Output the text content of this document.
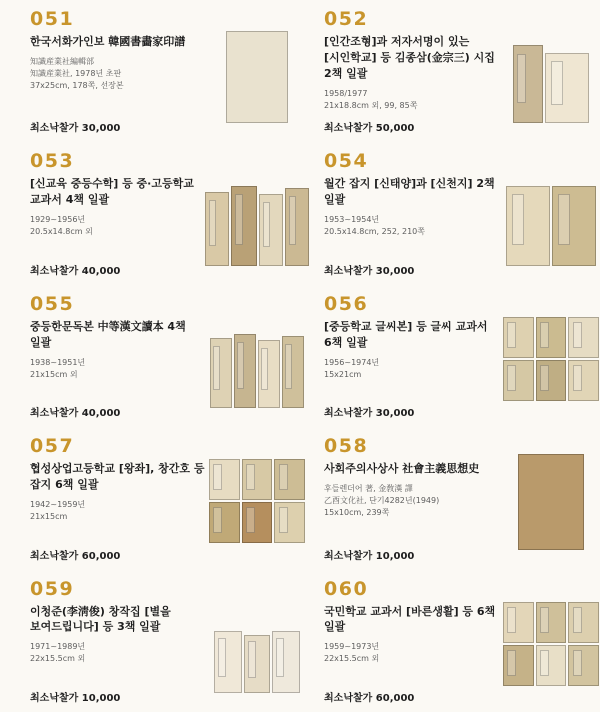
051
한국서화가인보 韓國書畵家印譜
知識産業社編輯部
知識産業社, 1978년 초판
37x25cm, 178쪽, 선장본
최소낙찰가 30,000
052
[인간조형]과 저자서명이 있는 [시인학교] 등 김종삼(金宗三) 시집 2책 일괄
1958/1977
21x18.8cm 외, 99, 85쪽
최소낙찰가 50,000
053
[신교육 중등수학] 등 중·고등학교 교과서 4책 일괄
1929~1956년
20.5x14.8cm 외
최소낙찰가 40,000
054
월간 잡지 [신태양]과 [신천지] 2책 일괄
1953~1954년
20.5x14.8cm, 252, 210쪽
최소낙찰가 30,000
055
중등한문독본 中等漢文讀本 4책 일괄
1938~1951년
21x15cm 외
최소낙찰가 40,000
056
[중등학교 글씨본] 등 글씨 교과서 6책 일괄
1956~1974년
15x21cm
최소낙찰가 30,000
057
협성상업고등학교 [왕좌], 창간호 등 잡지 6책 일괄
1942~1959년
21x15cm
최소낙찰가 60,000
058
사회주의사상사 社會主義思想史
후들렌더어 著, 金敎漢 譯
乙酉文化社, 단기4282년(1949)
15x10cm, 239쪽
최소낙찰가 10,000
059
이청준(李淸俊) 창작집 [별을 보여드립니다] 등 3책 일괄
1971~1989년
22x15.5cm 외
최소낙찰가 10,000
060
국민학교 교과서 [바른생활] 등 6책 일괄
1959~1973년
22x15.5cm 외
최소낙찰가 60,000
